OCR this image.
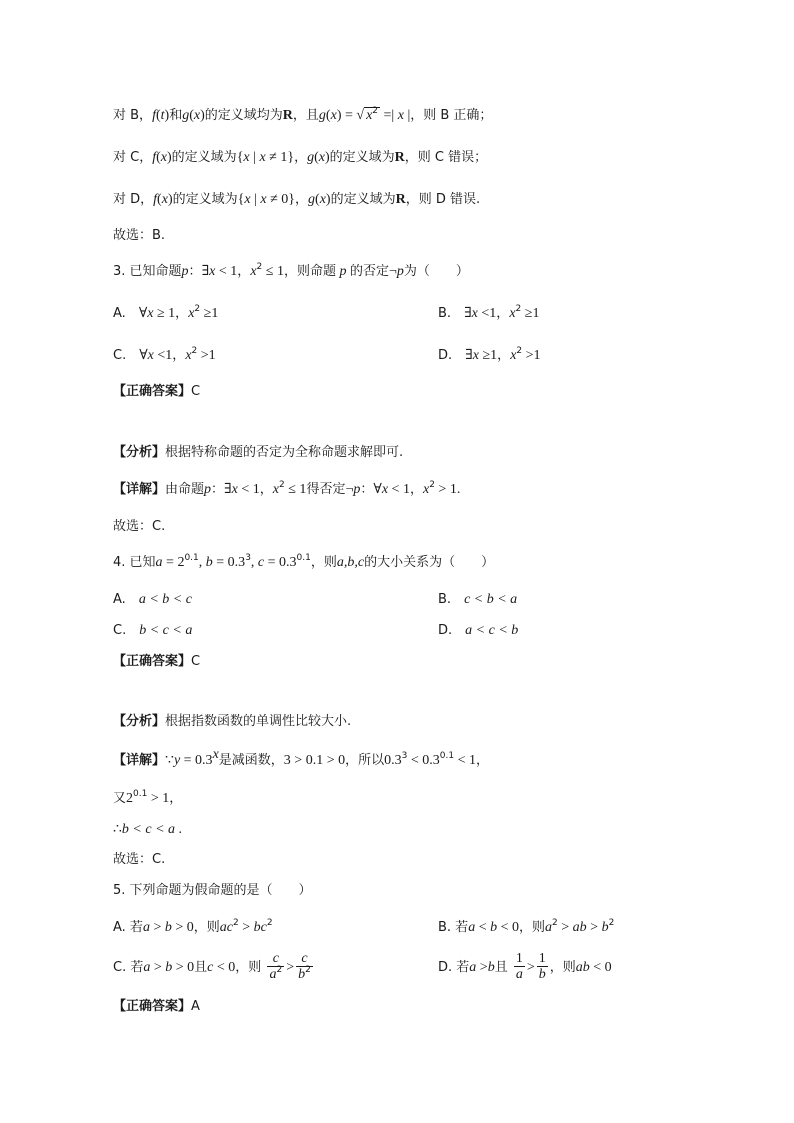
对 B，f(t)和g(x)的定义域均为R，且g(x) = √ $x^2$ =| x |，则 B 正确；
对 C，f(x)的定义域为{x | x ≠ 1}，g(x)的定义域为R，则 C 错误；
对 D，f(x)的定义域为{x | x ≠ 0}，g(x)的定义域为R，则 D 错误.
故选：B.
3. 已知命题p：∃x < 1，$x^2 \le 1$，则命题 p 的否定¬p为（　　）
A.　∀x ≥ 1，$x^2 \ge 1$	B.　∃x <1，$x^2 \ge 1$
C.　∀x <1，$x^2 >1$	D.　∃x ≥1，$x^2 >1$
【正确答案】C
【分析】根据特称命题的否定为全称命题求解即可.
【详解】由命题p：∃x < 1，$x^2 \le 1$得否定¬p：∀x < 1，$x^2 > 1$.
故选：C.
4. 已知$a = 2^{0.1}$, $b = 0.3^3$, $c = 0.3^{0.1}$，则a,b,c的大小关系为（　　）
A.　a < b < c	B.　c < b < a
C.　b < c < a	D.　a < c < b
【正确答案】C
【分析】根据指数函数的单调性比较大小.
【详解】∵y = $0.3^x$是减函数，3 > 0.1 > 0，所以$0.3^3 < 0.3^{0.1} < 1$，
又$2^{0.1} > 1$，
∴b < c < a .
故选：C.
5. 下列命题为假命题的是（　　）
A. 若a > b > 0，则$ac^2 > bc^2$	B. 若a < b < 0，则$a^2$ > ab > $b^2$
C. 若a > b > 0且c < 0，则 $\frac{c}{a^2} > \frac{c}{b^2}$	D. 若a >b且 $\frac{1}{a} > \frac{1}{b}$ ，则ab < 0
【正确答案】A
